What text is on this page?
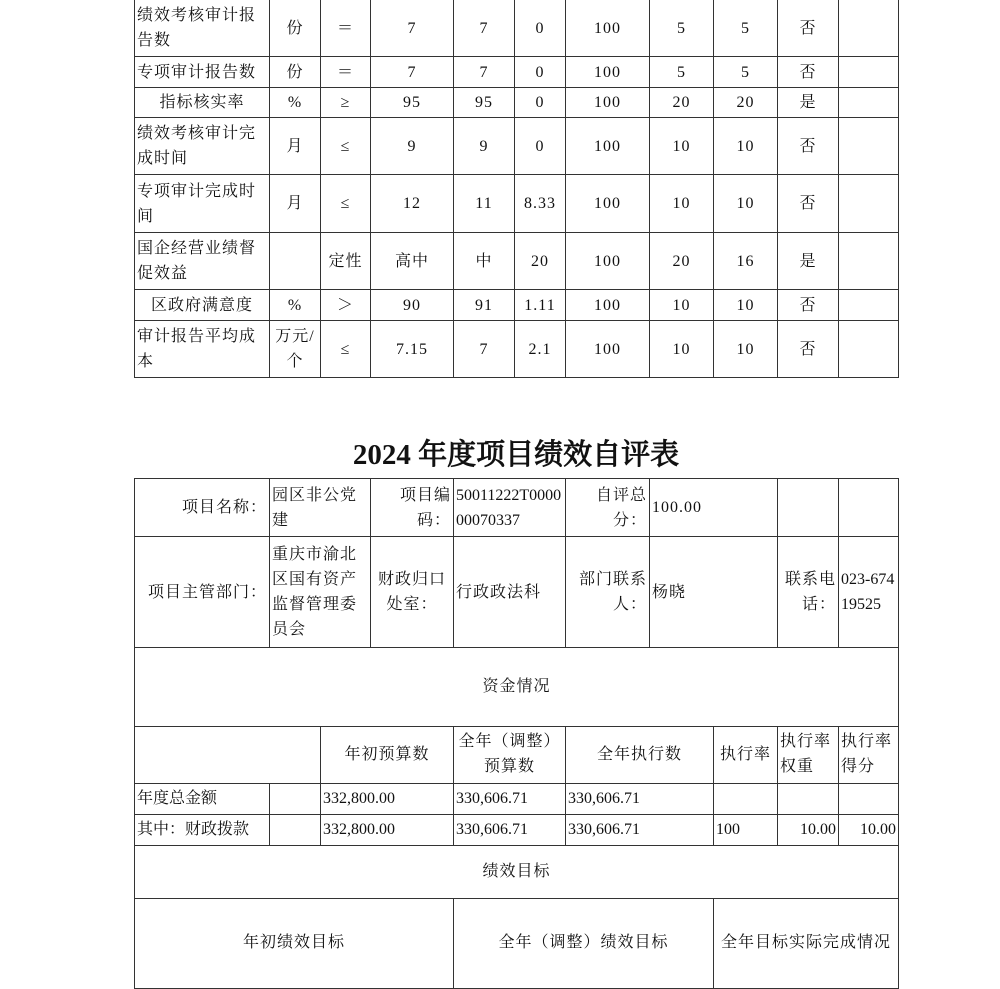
绩效考核审计报告数	份	＝	7	7	0	100	5	5	否	
专项审计报告数	份	＝	7	7	0	100	5	5	否	
指标核实率	%	≥	95	95	0	100	20	20	是	
绩效考核审计完成时间	月	≤	9	9	0	100	10	10	否	
专项审计完成时间	月	≤	12	11	8.33	100	10	10	否	
国企经营业绩督促效益		定性	高中	中	20	100	20	16	是	
区政府满意度	%	＞	90	91	1.11	100	10	10	否	
审计报告平均成本	万元/个	≤	7.15	7	2.1	100	10	10	否	
2024 年度项目绩效自评表
项目名称：	园区非公党建	项目编码：	50011222T000000070337	自评总分：	100.00		
项目主管部门：	重庆市渝北区国有资产监督管理委员会	财政归口处室：	行政政法科	部门联系人：	杨晓	联系电话：	023-67419525
资金情况
		年初预算数	全年（调整）预算数	全年执行数	执行率	执行率权重	执行率得分
年度总金额		332,800.00	330,606.71	330,606.71			
其中：财政拨款		332,800.00	330,606.71	330,606.71	100	10.00	10.00
绩效目标
年初绩效目标	全年（调整）绩效目标	全年目标实际完成情况
